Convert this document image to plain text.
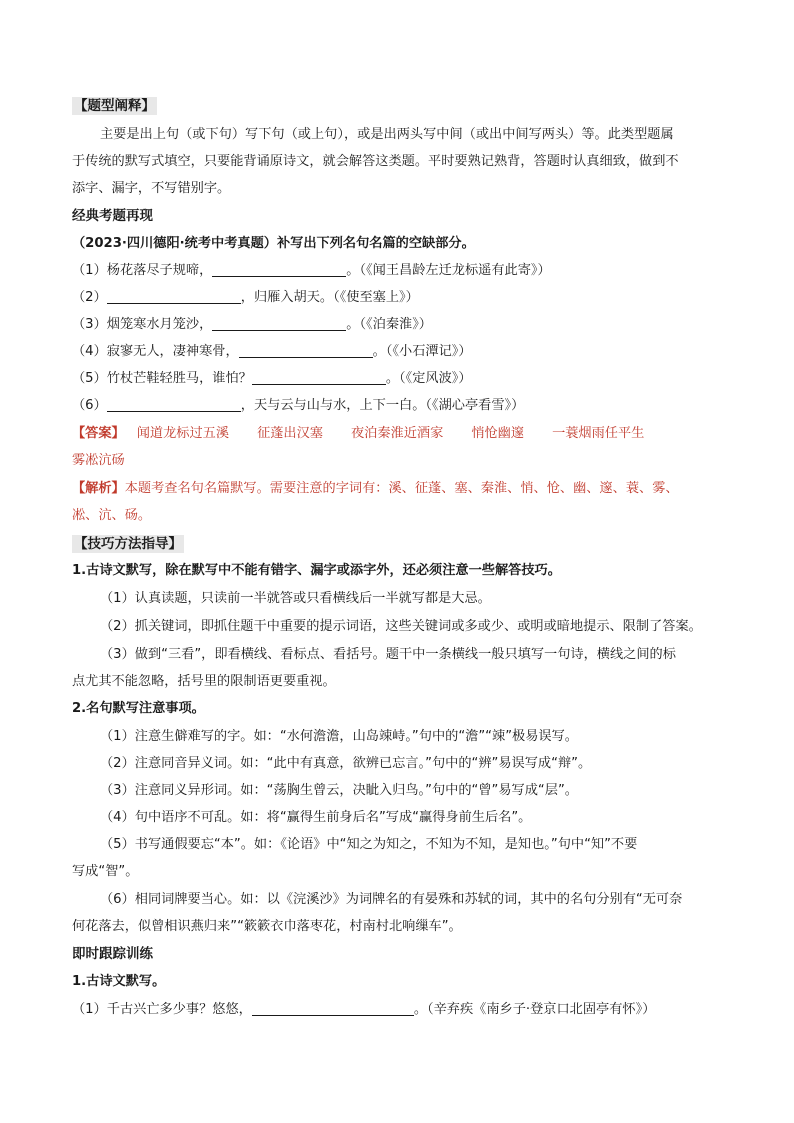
【题型阐释】
主要是出上句（或下句）写下句（或上句），或是出两头写中间（或出中间写两头）等。此类型题属
于传统的默写式填空，只要能背诵原诗文，就会解答这类题。平时要熟记熟背，答题时认真细致，做到不
添字、漏字，不写错别字。
经典考题再现
（2023·四川德阳·统考中考真题）补写出下列名句名篇的空缺部分。
（1）杨花落尽子规啼，	。（《闻王昌龄左迁龙标遥有此寄》）
（2）	，归雁入胡天。（《使至塞上》）
（3）烟笼寒水月笼沙，	。（《泊秦淮》）
（4）寂寥无人，凄神寒骨，	。（《小石潭记》）
（5）竹杖芒鞋轻胜马，谁怕？	。（《定风波》）
（6）	，天与云与山与水，上下一白。（《湖心亭看雪》）
【答案】 闻道龙标过五溪 征蓬出汉塞 夜泊秦淮近酒家 悄怆幽邃 一蓑烟雨任平生
雾凇沆砀
【解析】本题考查名句名篇默写。需要注意的字词有：溪、征蓬、塞、秦淮、悄、怆、幽、邃、蓑、雾、
凇、沆、砀。
【技巧方法指导】
1.古诗文默写，除在默写中不能有错字、漏字或添字外，还必须注意一些解答技巧。
（1）认真读题，只读前一半就答或只看横线后一半就写都是大忌。
（2）抓关键词，即抓住题干中重要的提示词语，这些关键词或多或少、或明或暗地提示、限制了答案。
（3）做到“三看”，即看横线、看标点、看括号。题干中一条横线一般只填写一句诗，横线之间的标
点尤其不能忽略，括号里的限制语更要重视。
2.名句默写注意事项。
（1）注意生僻难写的字。如：“水何澹澹，山岛竦峙。”句中的“澹”“竦”极易误写。
（2）注意同音异义词。如：“此中有真意，欲辨已忘言。”句中的“辨”易误写成“辩”。
（3）注意同义异形词。如：“荡胸生曾云，决眦入归鸟。”句中的“曾”易写成“层”。
（4）句中语序不可乱。如：将“赢得生前身后名”写成“赢得身前生后名”。
（5）书写通假要忘“本”。如：《论语》中“知之为知之，不知为不知，是知也。”句中“知”不要
写成“智”。
（6）相同词牌要当心。如：以《浣溪沙》为词牌名的有晏殊和苏轼的词，其中的名句分别有“无可奈
何花落去，似曾相识燕归来”“簌簌衣巾落枣花，村南村北响缫车”。
即时跟踪训练
1.古诗文默写。
（1）千古兴亡多少事？悠悠，	。（辛弃疾《南乡子·登京口北固亭有怀》）
